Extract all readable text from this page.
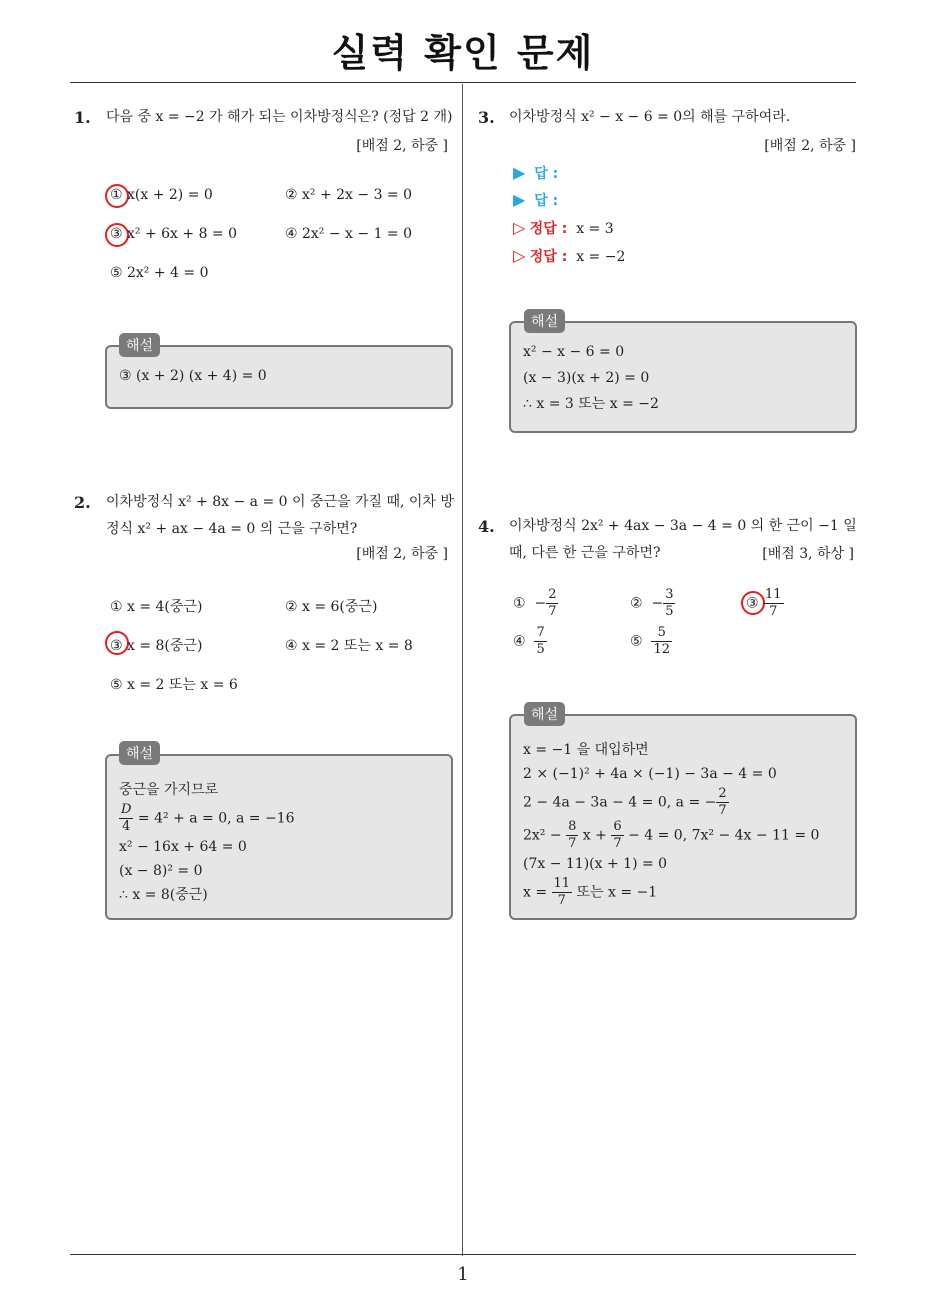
실력 확인 문제
1
1. 다음 중 x = −2 가 해가 되는 이차방정식은? (정답 2 개)
[배점 2, 하중 ]
① x(x + 2) = 0	② x² + 2x − 3 = 0
③ x² + 6x + 8 = 0	④ 2x² − x − 1 = 0
⑤ 2x² + 4 = 0
③ (x + 2) (x + 4) = 0
해설
2. 이차방정식 x² + 8x − a = 0 이 중근을 가질 때, 이차 방정식 x² + ax − 4a = 0 의 근을 구하면?
[배점 2, 하중 ]
① x = 4(중근)	② x = 6(중근)
③ x = 8(중근)	④ x = 2 또는 x = 8
⑤ x = 2 또는 x = 6
중근을 가지므로
$\frac{D}{4} = 4^2 + a = 0$, a = −16
x² − 16x + 64 = 0
(x − 8)² = 0
∴ x = 8(중근)
해설
3. 이차방정식 x² − x − 6 = 0의 해를 구하여라.
[배점 2, 하중 ]
▶ 답 :
▶ 답 :
▷ 정답 : x = 3
▷ 정답 : x = −2
x² − x − 6 = 0
(x − 3)(x + 2) = 0
∴ x = 3 또는 x = −2
해설
4. 이차방정식 2x² + 4ax − 3a − 4 = 0 의 한 근이 −1 일 때, 다른 한 근을 구하면?	[배점 3, 하상 ]
① − $\frac{2}{7}$	② − $\frac{3}{5}$	③ $\frac{11}{7}$
④ $\frac{7}{5}$	⑤ $\frac{5}{12}$
x = −1 을 대입하면
2 × (−1)² + 4a × (−1) − 3a − 4 = 0
2 − 4a − 3a − 4 = 0, a = − $\frac{2}{7}$
$2x^2 - \frac{8}{7}$ $x + \frac{6}{7} - 4 = 0$, 7x² − 4x − 11 = 0
(7x − 11)(x + 1) = 0
$x = \frac{11}{7}$ 또는 x = −1
해설
